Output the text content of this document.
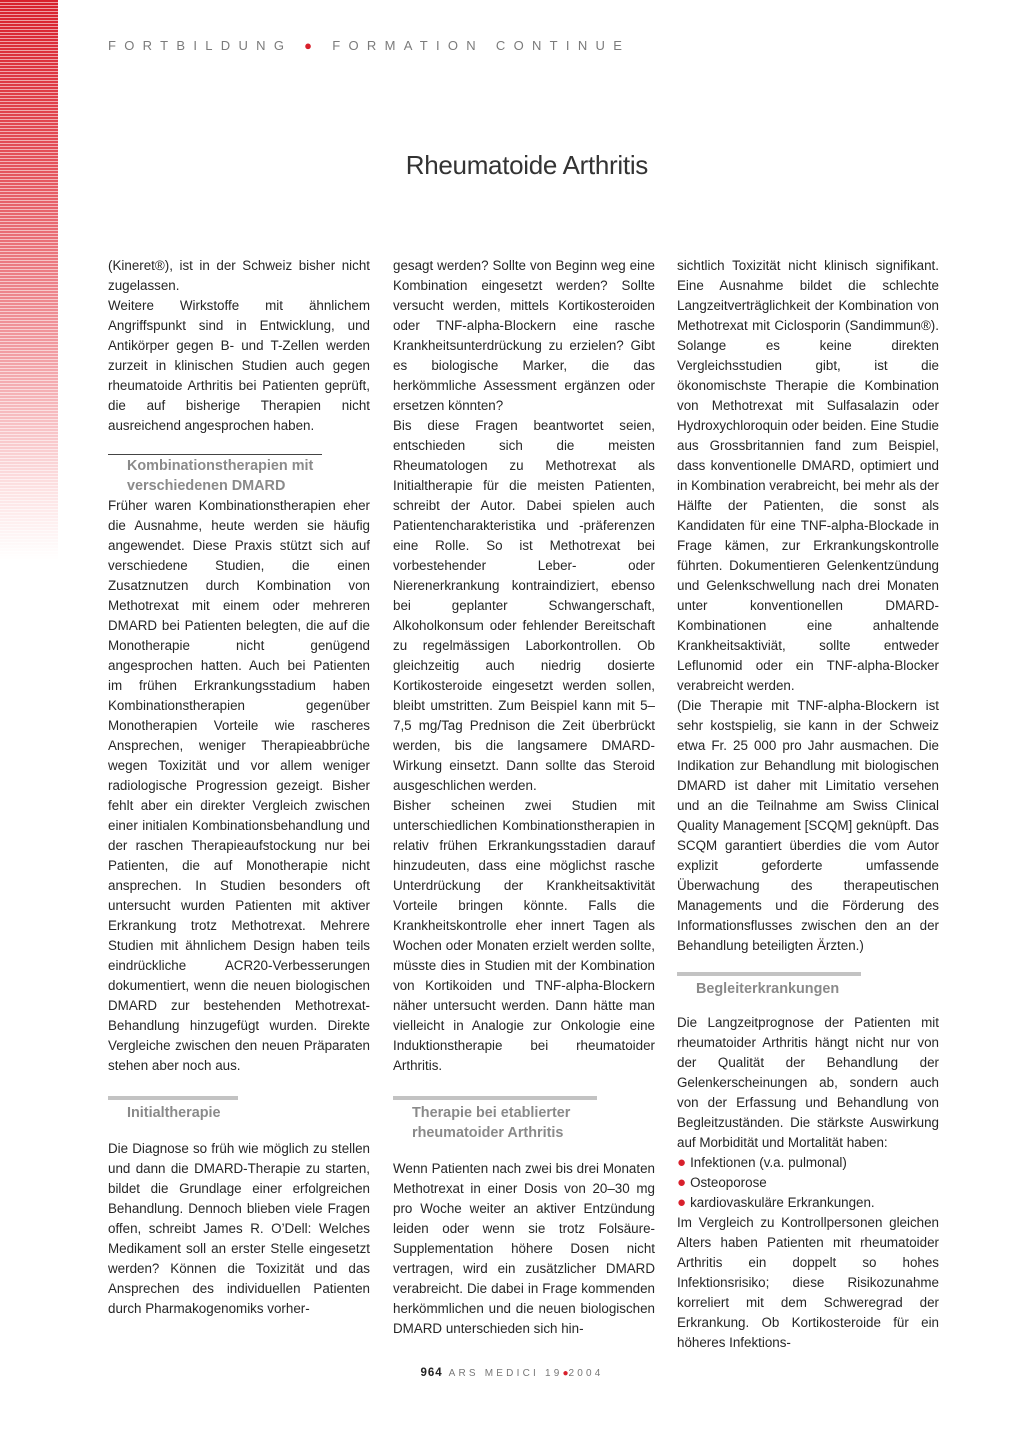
FORTBILDUNG ● FORMATION CONTINUE

Rheumatoide Arthritis

(Kineret®), ist in der Schweiz bisher nicht zugelassen.

Weitere Wirkstoffe mit ähnlichem Angriffspunkt sind in Entwicklung, und Antikörper gegen B- und T-Zellen werden zurzeit in klinischen Studien auch gegen rheumatoide Arthritis bei Patienten geprüft, die auf bisherige Therapien nicht ausreichend angesprochen haben.

Kombinationstherapien mit verschiedenen DMARD

Früher waren Kombinationstherapien eher die Ausnahme, heute werden sie häufig angewendet. Diese Praxis stützt sich auf verschiedene Studien, die einen Zusatznutzen durch Kombination von Methotrexat mit einem oder mehreren DMARD bei Patienten belegten, die auf die Monotherapie nicht genügend angesprochen hatten. Auch bei Patienten im frühen Erkrankungsstadium haben Kombinationstherapien gegenüber Monotherapien Vorteile wie rascheres Ansprechen, weniger Therapieabbrüche wegen Toxizität und vor allem weniger radiologische Progression gezeigt. Bisher fehlt aber ein direkter Vergleich zwischen einer initialen Kombinationsbehandlung und der raschen Therapieaufstockung nur bei Patienten, die auf Monotherapie nicht ansprechen. In Studien besonders oft untersucht wurden Patienten mit aktiver Erkrankung trotz Methotrexat. Mehrere Studien mit ähnlichem Design haben teils eindrückliche ACR20-Verbesserungen dokumentiert, wenn die neuen biologischen DMARD zur bestehenden Methotrexat-Behandlung hinzugefügt wurden. Direkte Vergleiche zwischen den neuen Präparaten stehen aber noch aus.

Initialtherapie

Die Diagnose so früh wie möglich zu stellen und dann die DMARD-Therapie zu starten, bildet die Grundlage einer erfolgreichen Behandlung. Dennoch blieben viele Fragen offen, schreibt James R. O’Dell: Welches Medikament soll an erster Stelle eingesetzt werden? Können die Toxizität und das Ansprechen des individuellen Patienten durch Pharmakogenomiks vorher-

gesagt werden? Sollte von Beginn weg eine Kombination eingesetzt werden? Sollte versucht werden, mittels Kortikosteroiden oder TNF-alpha-Blockern eine rasche Krankheitsunterdrückung zu erzielen? Gibt es biologische Marker, die das herkömmliche Assessment ergänzen oder ersetzen könnten?

Bis diese Fragen beantwortet seien, entschieden sich die meisten Rheumatologen zu Methotrexat als Initialtherapie für die meisten Patienten, schreibt der Autor. Dabei spielen auch Patientencharakteristika und -präferenzen eine Rolle. So ist Methotrexat bei vorbestehender Leber- oder Nierenerkrankung kontraindiziert, ebenso bei geplanter Schwangerschaft, Alkoholkonsum oder fehlender Bereitschaft zu regelmässigen Laborkontrollen. Ob gleichzeitig auch niedrig dosierte Kortikosteroide eingesetzt werden sollen, bleibt umstritten. Zum Beispiel kann mit 5–7,5 mg/Tag Prednison die Zeit überbrückt werden, bis die langsamere DMARD-Wirkung einsetzt. Dann sollte das Steroid ausgeschlichen werden.

Bisher scheinen zwei Studien mit unterschiedlichen Kombinationstherapien in relativ frühen Erkrankungsstadien darauf hinzudeuten, dass eine möglichst rasche Unterdrückung der Krankheitsaktivität Vorteile bringen könnte. Falls die Krankheitskontrolle eher innert Tagen als Wochen oder Monaten erzielt werden sollte, müsste dies in Studien mit der Kombination von Kortikoiden und TNF-alpha-Blockern näher untersucht werden. Dann hätte man vielleicht in Analogie zur Onkologie eine Induktionstherapie bei rheumatoider Arthritis.

Therapie bei etablierter rheumatoider Arthritis

Wenn Patienten nach zwei bis drei Monaten Methotrexat in einer Dosis von 20–30 mg pro Woche weiter an aktiver Entzündung leiden oder wenn sie trotz Folsäure-Supplementation höhere Dosen nicht vertragen, wird ein zusätzlicher DMARD verabreicht. Die dabei in Frage kommenden herkömmlichen und die neuen biologischen DMARD unterschieden sich hin-

sichtlich Toxizität nicht klinisch signifikant. Eine Ausnahme bildet die schlechte Langzeitverträglichkeit der Kombination von Methotrexat mit Ciclosporin (Sandimmun®). Solange es keine direkten Vergleichsstudien gibt, ist die ökonomischste Therapie die Kombination von Methotrexat mit Sulfasalazin oder Hydroxychloroquin oder beiden. Eine Studie aus Grossbritannien fand zum Beispiel, dass konventionelle DMARD, optimiert und in Kombination verabreicht, bei mehr als der Hälfte der Patienten, die sonst als Kandidaten für eine TNF-alpha-Blockade in Frage kämen, zur Erkrankungskontrolle führten. Dokumentieren Gelenkentzündung und Gelenkschwellung nach drei Monaten unter konventionellen DMARD-Kombinationen eine anhaltende Krankheitsaktiviät, sollte entweder Leflunomid oder ein TNF-alpha-Blocker verabreicht werden.

(Die Therapie mit TNF-alpha-Blockern ist sehr kostspielig, sie kann in der Schweiz etwa Fr. 25 000 pro Jahr ausmachen. Die Indikation zur Behandlung mit biologischen DMARD ist daher mit Limitatio versehen und an die Teilnahme am Swiss Clinical Quality Management [SCQM] geknüpft. Das SCQM garantiert überdies die vom Autor explizit geforderte umfassende Überwachung des therapeutischen Managements und die Förderung des Informationsflusses zwischen den an der Behandlung beteiligten Ärzten.)

Begleiterkrankungen

Die Langzeitprognose der Patienten mit rheumatoider Arthritis hängt nicht nur von der Qualität der Behandlung der Gelenkerscheinungen ab, sondern auch von der Erfassung und Behandlung von Begleitzuständen. Die stärkste Auswirkung auf Morbidität und Mortalität haben:

● Infektionen (v.a. pulmonal)
● Osteoporose
● kardiovaskuläre Erkrankungen.

Im Vergleich zu Kontrollpersonen gleichen Alters haben Patienten mit rheumatoider Arthritis ein doppelt so hohes Infektionsrisiko; diese Risikozunahme korreliert mit dem Schweregrad der Erkrankung. Ob Kortikosteroide für ein höheres Infektions-

964 ARS MEDICI 19●2004
